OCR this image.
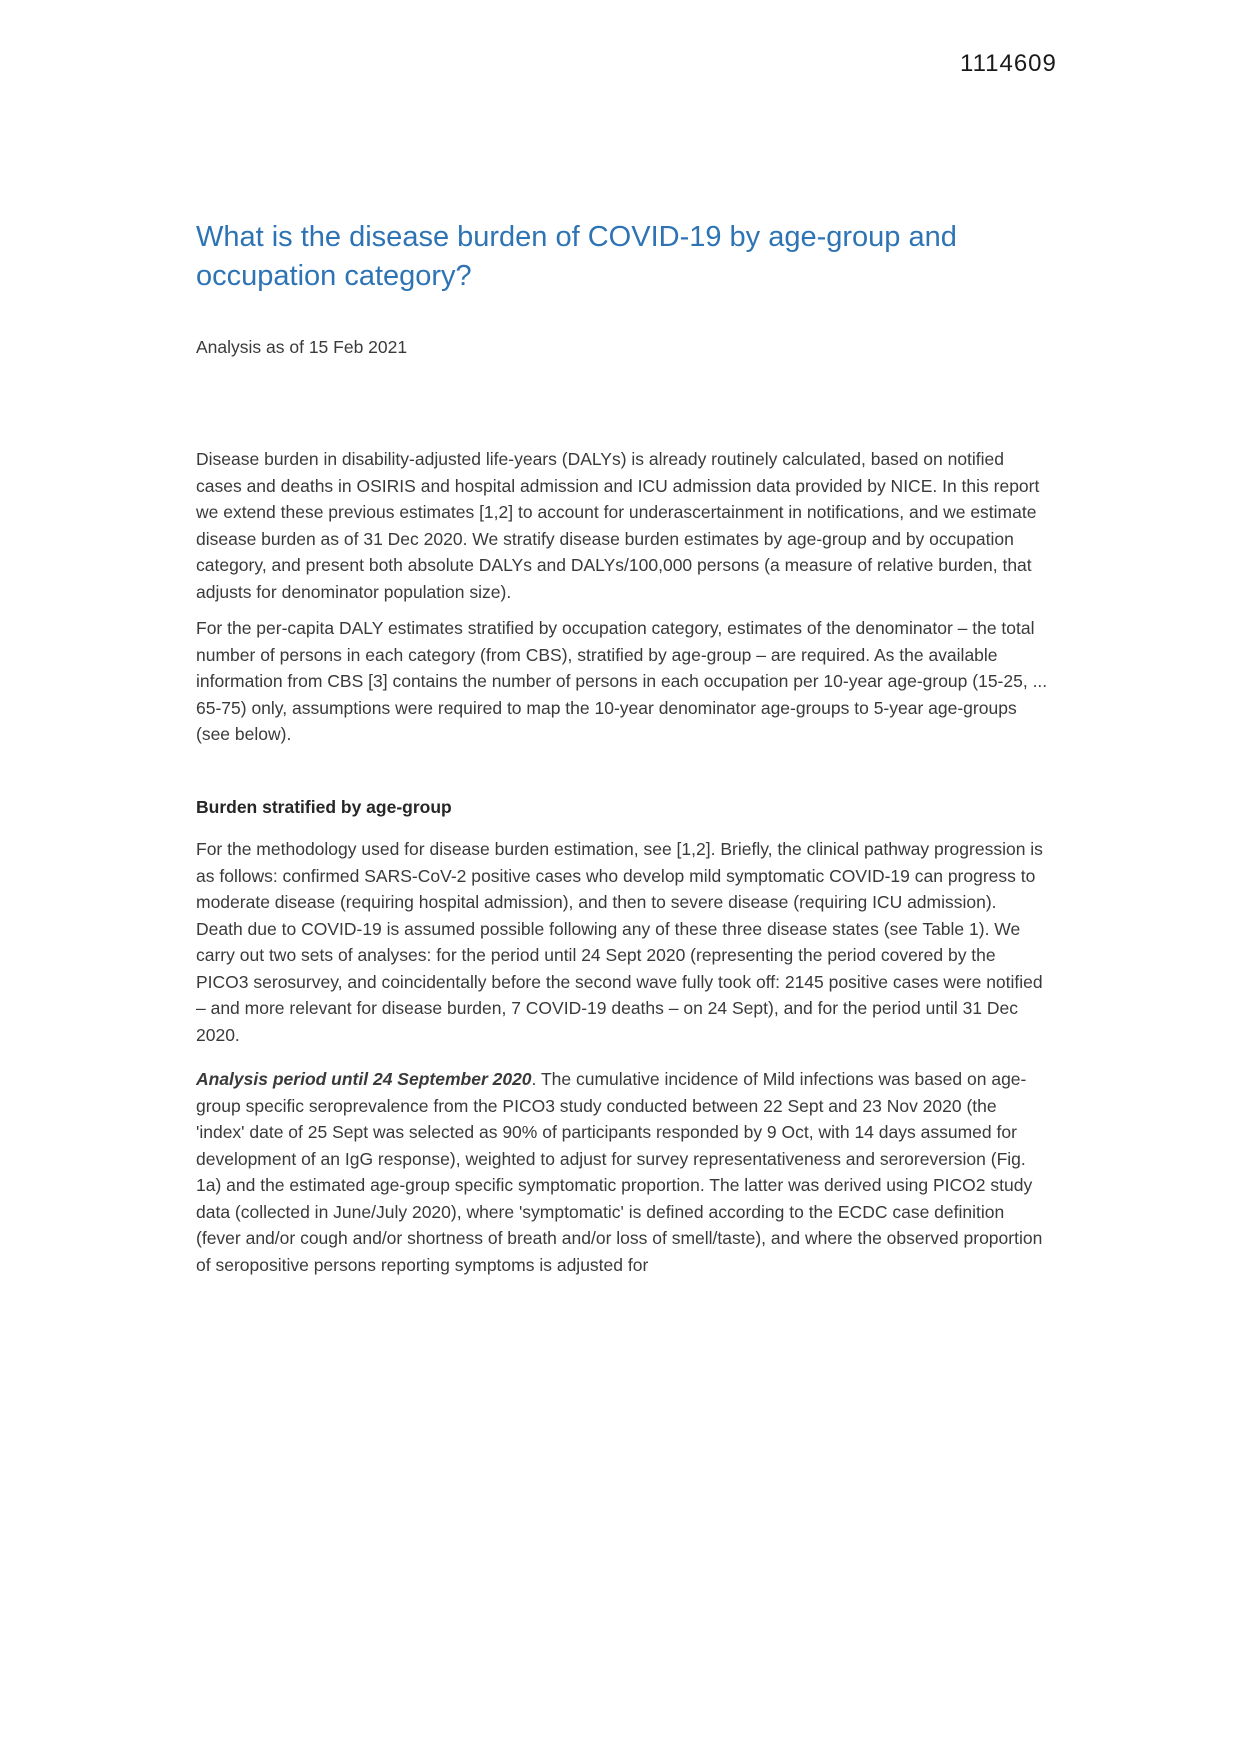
1114609
What is the disease burden of COVID-19 by age-group and occupation category?

Analysis as of 15 Feb 2021

Disease burden in disability-adjusted life-years (DALYs) is already routinely calculated, based on notified cases and deaths in OSIRIS and hospital admission and ICU admission data provided by NICE. In this report we extend these previous estimates [1,2] to account for underascertainment in notifications, and we estimate disease burden as of 31 Dec 2020. We stratify disease burden estimates by age-group and by occupation category, and present both absolute DALYs and DALYs/100,000 persons (a measure of relative burden, that adjusts for denominator population size).

For the per-capita DALY estimates stratified by occupation category, estimates of the denominator – the total number of persons in each category (from CBS), stratified by age-group – are required. As the available information from CBS [3] contains the number of persons in each occupation per 10-year age-group (15-25, ... 65-75) only, assumptions were required to map the 10-year denominator age-groups to 5-year age-groups (see below).

Burden stratified by age-group

For the methodology used for disease burden estimation, see [1,2]. Briefly, the clinical pathway progression is as follows: confirmed SARS-CoV-2 positive cases who develop mild symptomatic COVID-19 can progress to moderate disease (requiring hospital admission), and then to severe disease (requiring ICU admission). Death due to COVID-19 is assumed possible following any of these three disease states (see Table 1). We carry out two sets of analyses: for the period until 24 Sept 2020 (representing the period covered by the PICO3 serosurvey, and coincidentally before the second wave fully took off: 2145 positive cases were notified – and more relevant for disease burden, 7 COVID-19 deaths – on 24 Sept), and for the period until 31 Dec 2020.

Analysis period until 24 September 2020. The cumulative incidence of Mild infections was based on age-group specific seroprevalence from the PICO3 study conducted between 22 Sept and 23 Nov 2020 (the 'index' date of 25 Sept was selected as 90% of participants responded by 9 Oct, with 14 days assumed for development of an IgG response), weighted to adjust for survey representativeness and seroreversion (Fig. 1a) and the estimated age-group specific symptomatic proportion. The latter was derived using PICO2 study data (collected in June/July 2020), where 'symptomatic' is defined according to the ECDC case definition (fever and/or cough and/or shortness of breath and/or loss of smell/taste), and where the observed proportion of seropositive persons reporting symptoms is adjusted for
